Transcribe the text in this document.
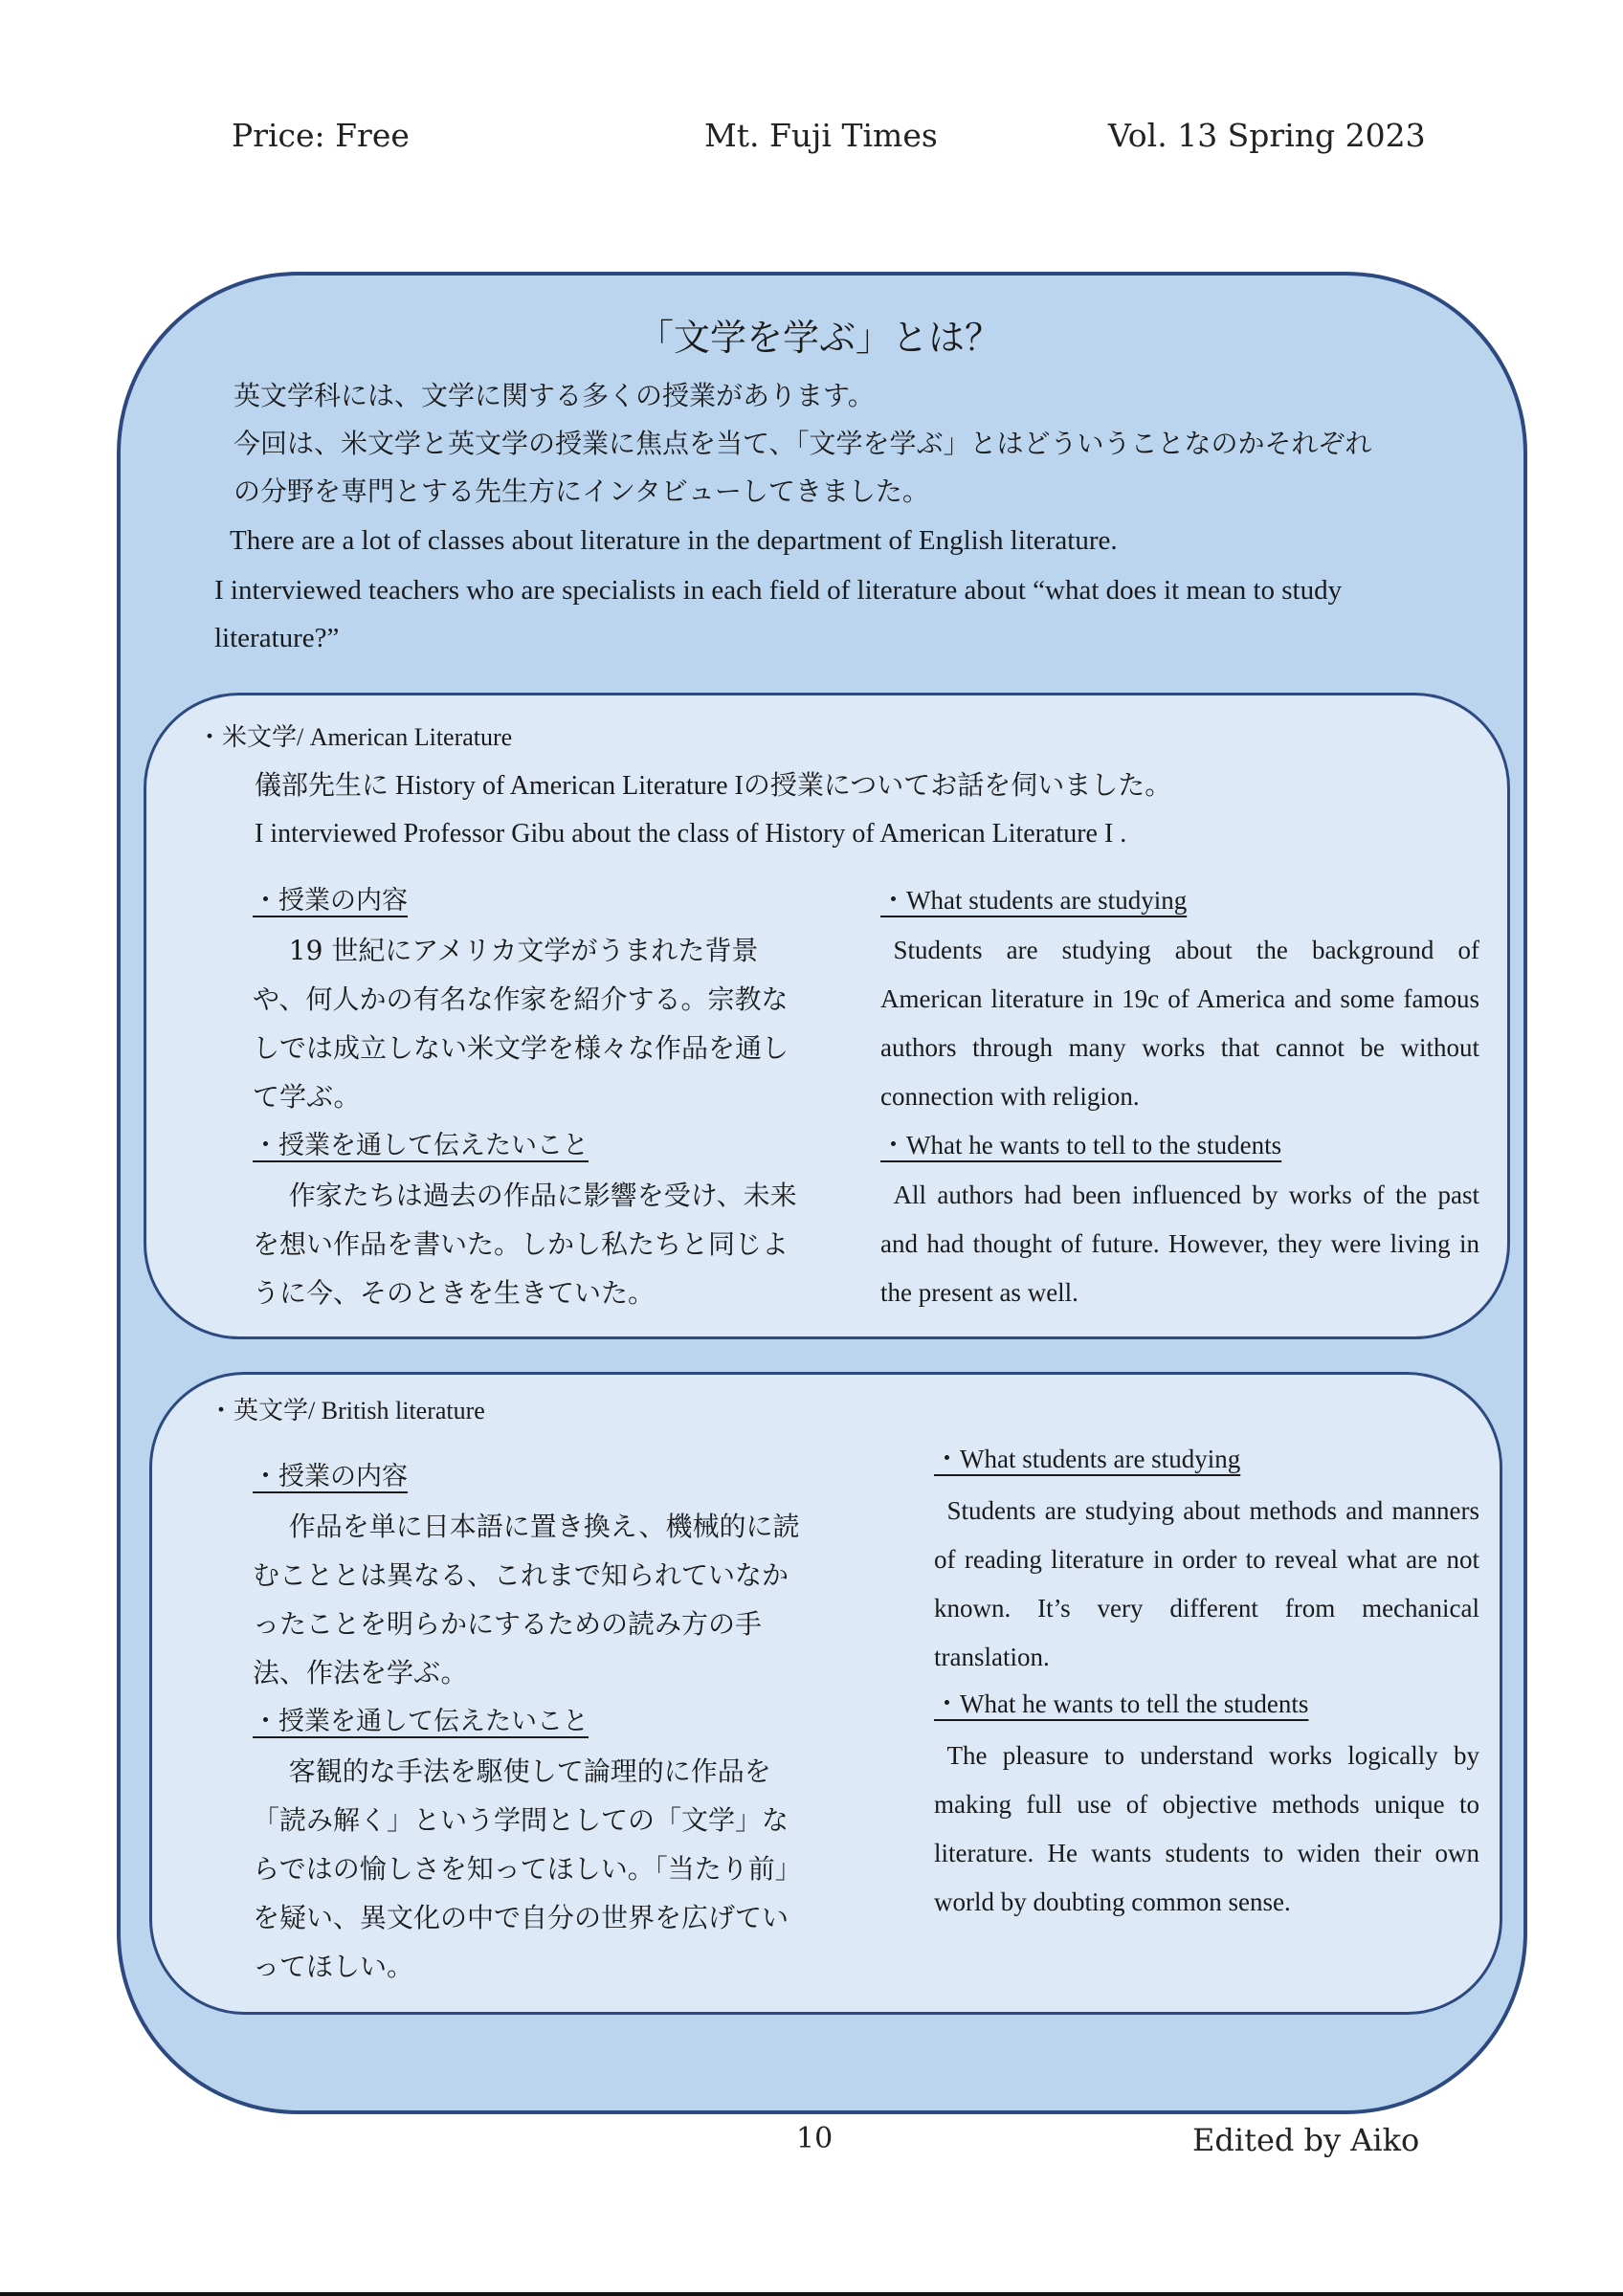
Price: Free	Mt. Fuji Times	Vol. 13 Spring 2023
「文学を学ぶ」とは？
英文学科には、文学に関する多くの授業があります。
今回は、米文学と英文学の授業に焦点を当て、「文学を学ぶ」とはどういうことなのかそれぞれ
の分野を専門とする先生方にインタビューしてきました。
There are a lot of classes about literature in the department of English literature.
I interviewed teachers who are specialists in each field of literature about “what does it mean to study
literature?”
・米文学/ American Literature
儀部先生に History of American Literature Iの授業についてお話を伺いました。
I interviewed Professor Gibu about the class of History of American Literature I .
・授業の内容
19 世紀にアメリカ文学がうまれた背景や、何人かの有名な作家を紹介する。宗教なしでは成立しない米文学を様々な作品を通して学ぶ。
・授業を通して伝えたいこと
作家たちは過去の作品に影響を受け、未来を想い作品を書いた。しかし私たちと同じように今、そのときを生きていた。
・What students are studying
Students are studying about the background of American literature in 19c of America and some famous authors through many works that cannot be without connection with religion.
・What he wants to tell to the students
All authors had been influenced by works of the past and had thought of future. However, they were living in the present as well.
・英文学/ British literature
・授業の内容
作品を単に日本語に置き換え、機械的に読むこととは異なる、これまで知られていなかったことを明らかにするための読み方の手法、作法を学ぶ。
・授業を通して伝えたいこと
客観的な手法を駆使して論理的に作品を「読み解く」という学問としての「文学」ならではの愉しさを知ってほしい。「当たり前」を疑い、異文化の中で自分の世界を広げていってほしい。
・What students are studying
Students are studying about methods and manners of reading literature in order to reveal what are not known. It’s very different from mechanical translation.
・What he wants to tell the students
The pleasure to understand works logically by making full use of objective methods unique to literature. He wants students to widen their own world by doubting common sense.
10	Edited by Aiko
